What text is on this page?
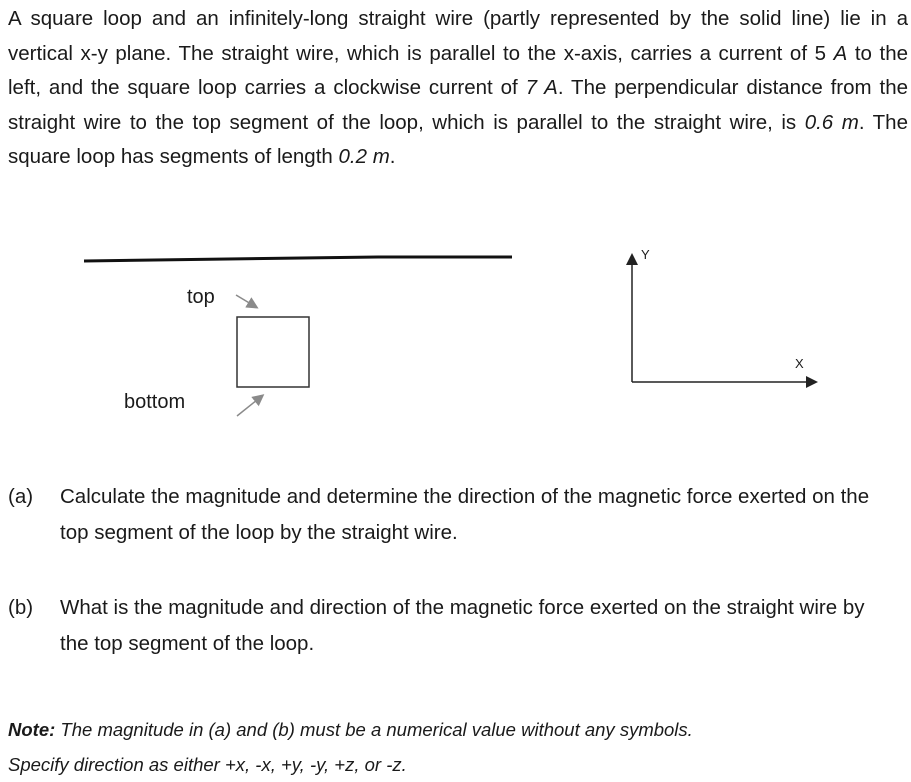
A square loop and an infinitely-long straight wire (partly represented by the solid line) lie in a vertical x-y plane. The straight wire, which is parallel to the x-axis, carries a current of 5 A to the left, and the square loop carries a clockwise current of 7 A. The perpendicular distance from the straight wire to the top segment of the loop, which is parallel to the straight wire, is 0.6 m. The square loop has segments of length 0.2 m.
top
bottom
Y
X
(a)	Calculate the magnitude and determine the direction of the magnetic force exerted on the top segment of the loop by the straight wire.
(b)	What is the magnitude and direction of the magnetic force exerted on the straight wire by the top segment of the loop.
Note: The magnitude in (a) and (b) must be a numerical value without any symbols.
Specify direction as either +x, -x, +y, -y, +z, or -z.
